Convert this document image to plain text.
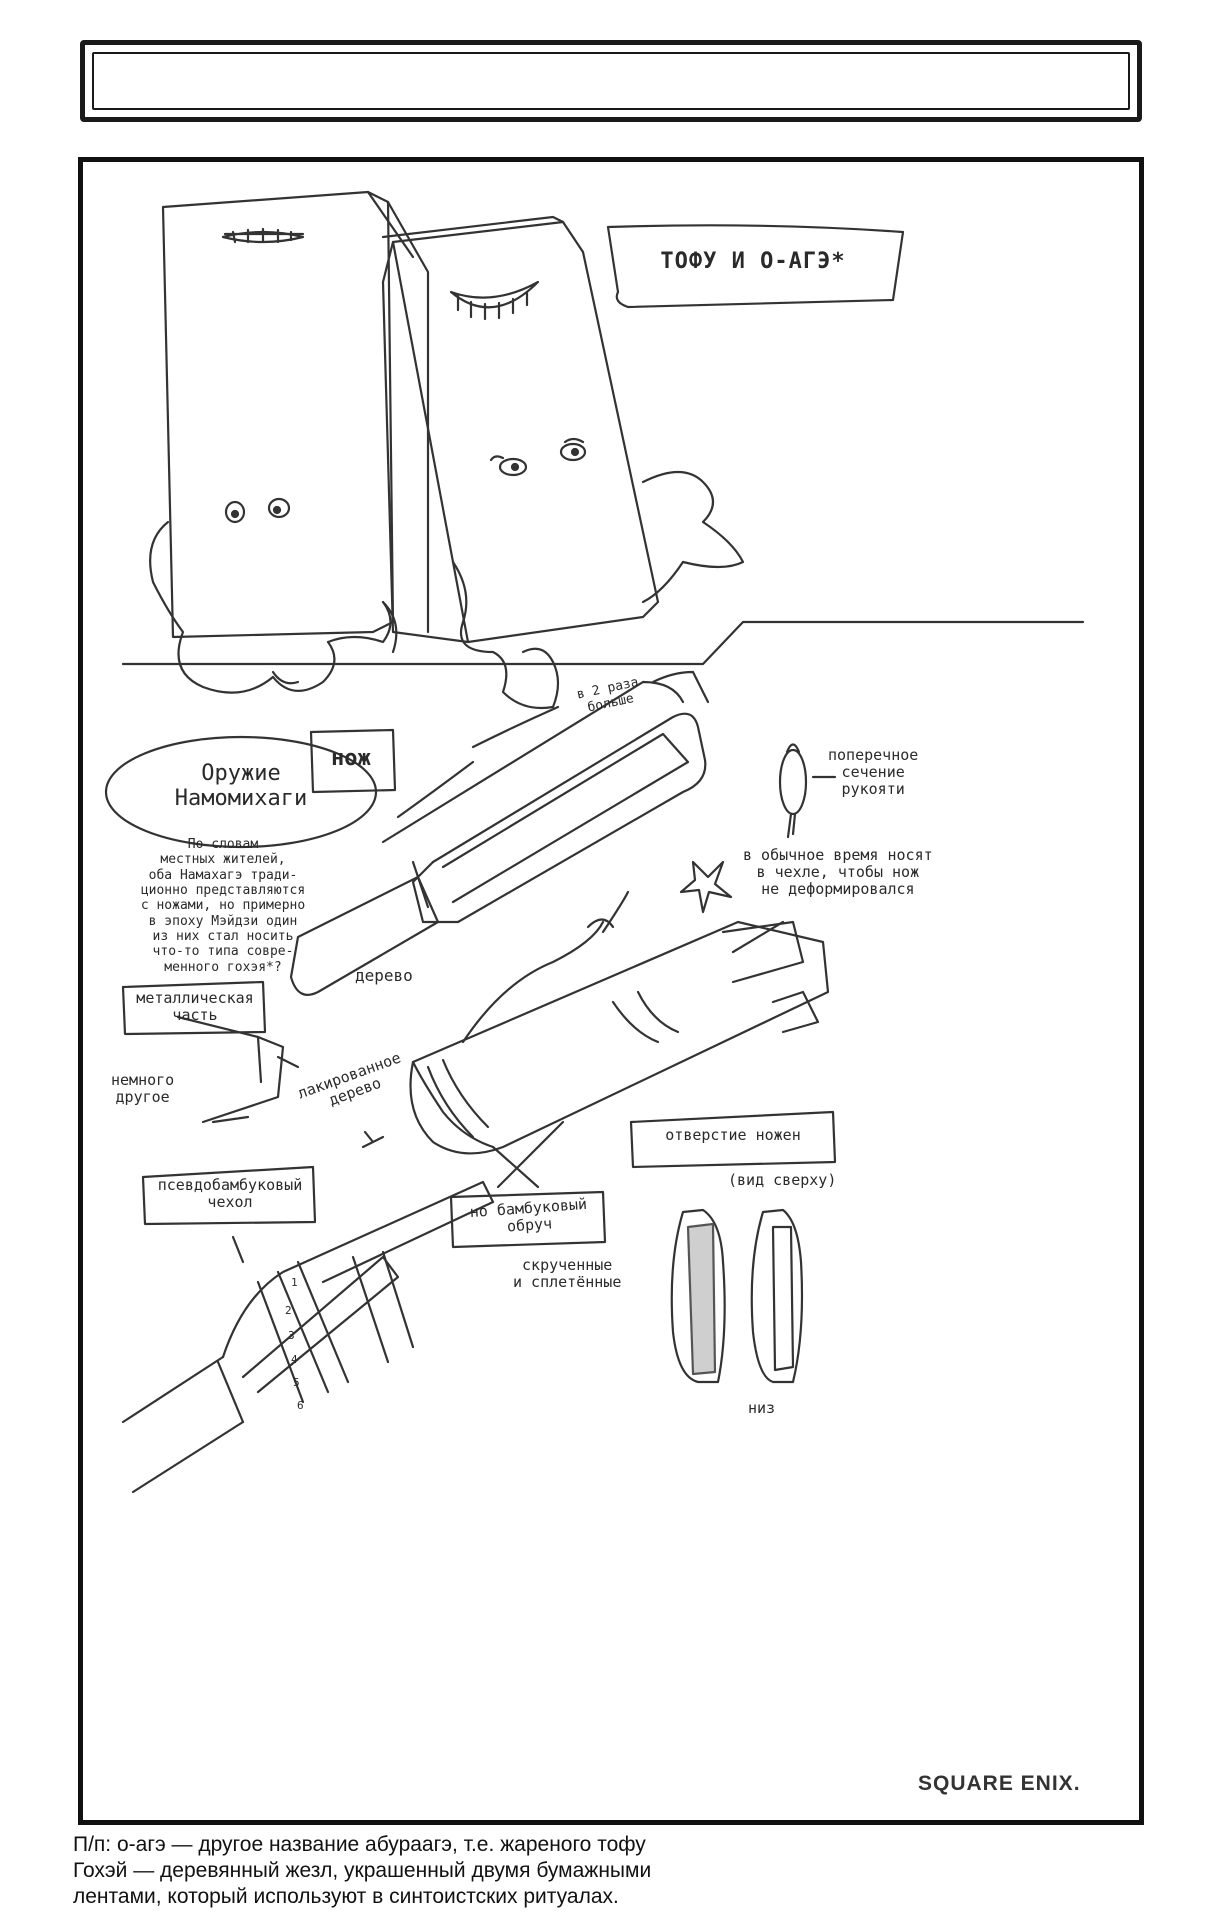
ТОФУ И О-АГЭ*
Оружие
Намомихаги
нож
в 2 раза
больше
поперечное
сечение
рукояти
в обычное время носят
в чехле, чтобы нож
не деформировался
По словам
местных жителей,
оба Намахагэ тради-
ционно представляются
с ножами, но примерно
в эпоху Мэйдзи один
из них стал носить
что-то типа совре-
менного гохэя*?	дерево
металлическая
часть
немного
другое	лакированное
дерево
псевдобамбуковый
чехол	но бамбуковый
обруч
скрученные
и сплетённые
отверстие ножен
(вид сверху)
низ
1
2
3
4
5
6
SQUARE ENIX.
П/п: о-агэ — другое название абураагэ, т.е. жареного тофу
Гохэй — деревянный жезл, украшенный двумя бумажными
лентами, который используют в синтоистских ритуалах.
